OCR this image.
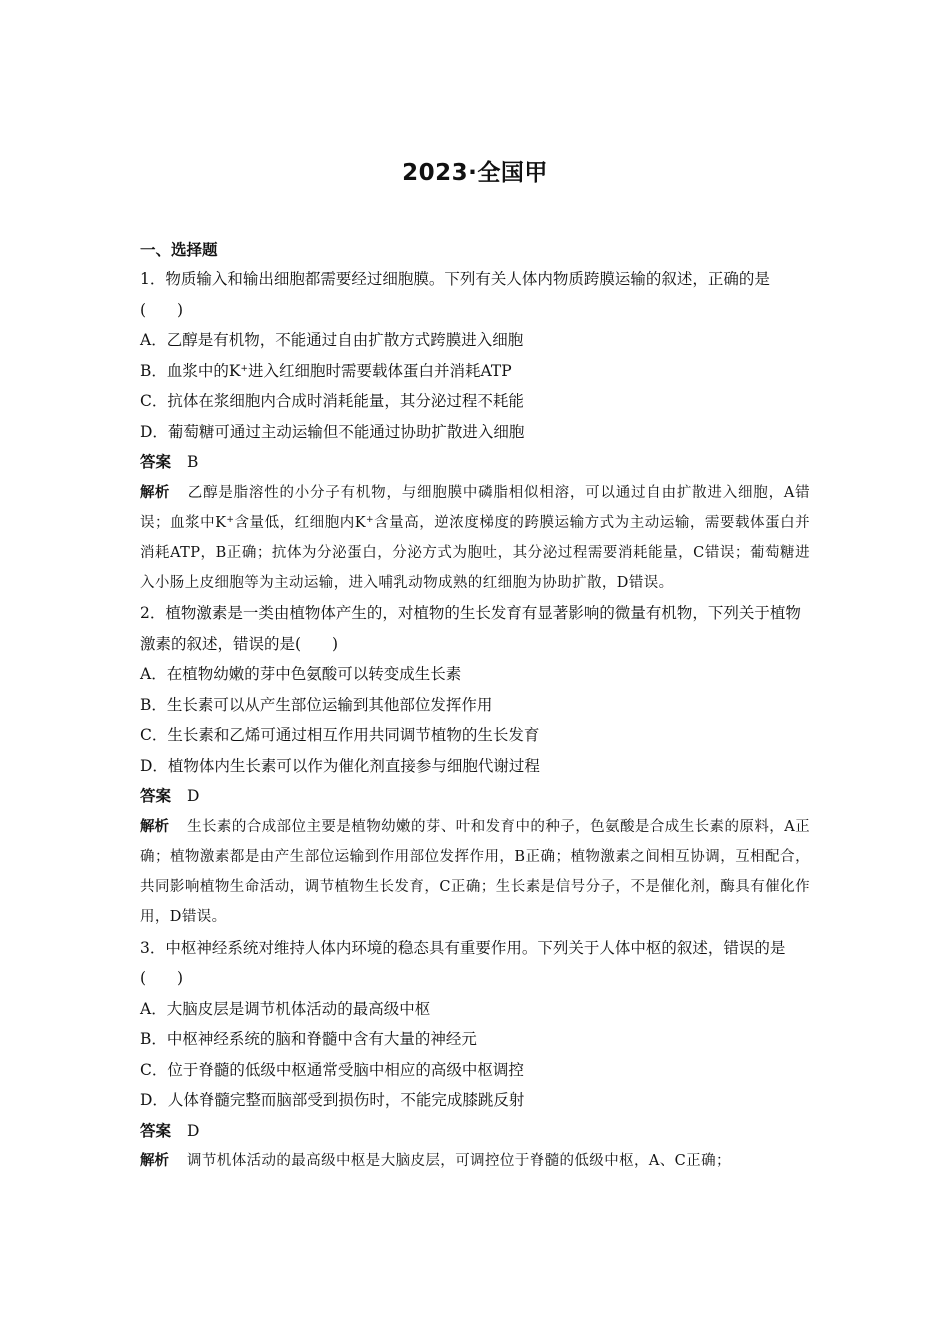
2023·全国甲
一、选择题
1．物质输入和输出细胞都需要经过细胞膜。下列有关人体内物质跨膜运输的叙述，正确的是(　　)
A．乙醇是有机物，不能通过自由扩散方式跨膜进入细胞
B．血浆中的K+进入红细胞时需要载体蛋白并消耗ATP
C．抗体在浆细胞内合成时消耗能量，其分泌过程不耗能
D．葡萄糖可通过主动运输但不能通过协助扩散进入细胞
答案 B
解析 乙醇是脂溶性的小分子有机物，与细胞膜中磷脂相似相溶，可以通过自由扩散进入细胞，A错误；血浆中K+含量低，红细胞内K+含量高，逆浓度梯度的跨膜运输方式为主动运输，需要载体蛋白并消耗ATP，B正确；抗体为分泌蛋白，分泌方式为胞吐，其分泌过程需要消耗能量，C错误；葡萄糖进入小肠上皮细胞等为主动运输，进入哺乳动物成熟的红细胞为协助扩散，D错误。
2．植物激素是一类由植物体产生的，对植物的生长发育有显著影响的微量有机物，下列关于植物激素的叙述，错误的是(　　)
A．在植物幼嫩的芽中色氨酸可以转变成生长素
B．生长素可以从产生部位运输到其他部位发挥作用
C．生长素和乙烯可通过相互作用共同调节植物的生长发育
D．植物体内生长素可以作为催化剂直接参与细胞代谢过程
答案 D
解析 生长素的合成部位主要是植物幼嫩的芽、叶和发育中的种子，色氨酸是合成生长素的原料，A正确；植物激素都是由产生部位运输到作用部位发挥作用，B正确；植物激素之间相互协调，互相配合，共同影响植物生命活动，调节植物生长发育，C正确；生长素是信号分子，不是催化剂，酶具有催化作用，D错误。
3．中枢神经系统对维持人体内环境的稳态具有重要作用。下列关于人体中枢的叙述，错误的是(　　)
A．大脑皮层是调节机体活动的最高级中枢
B．中枢神经系统的脑和脊髓中含有大量的神经元
C．位于脊髓的低级中枢通常受脑中相应的高级中枢调控
D．人体脊髓完整而脑部受到损伤时，不能完成膝跳反射
答案 D
解析 调节机体活动的最高级中枢是大脑皮层，可调控位于脊髓的低级中枢，A、C正确；
